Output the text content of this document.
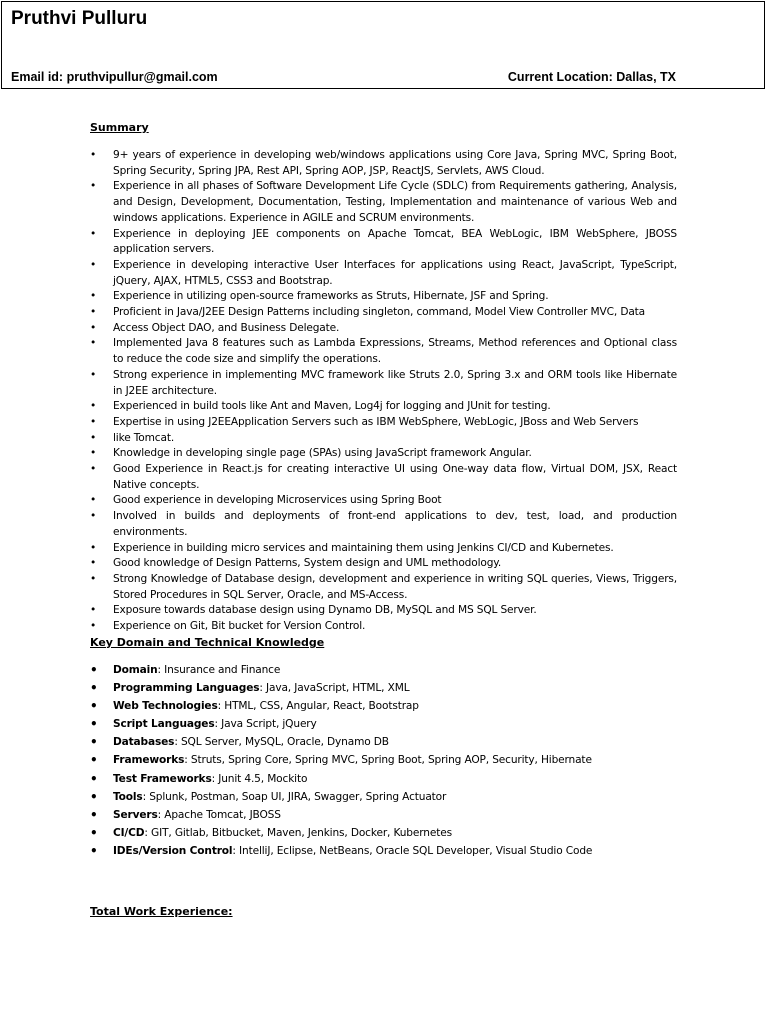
Pruthvi Pulluru
Email id: pruthvipullur@gmail.com	Current Location: Dallas, TX
Summary
• 9+ years of experience in developing web/windows applications using Core Java, Spring MVC, Spring Boot, Spring Security, Spring JPA, Rest API, Spring AOP, JSP, ReactJS, Servlets, AWS Cloud.
• Experience in all phases of Software Development Life Cycle (SDLC) from Requirements gathering, Analysis, and Design, Development, Documentation, Testing, Implementation and maintenance of various Web and windows applications. Experience in AGILE and SCRUM environments.
• Experience in deploying JEE components on Apache Tomcat, BEA WebLogic, IBM WebSphere, JBOSS application servers.
• Experience in developing interactive User Interfaces for applications using React, JavaScript, TypeScript, jQuery, AJAX, HTML5, CSS3 and Bootstrap.
• Experience in utilizing open-source frameworks as Struts, Hibernate, JSF and Spring.
• Proficient in Java/J2EE Design Patterns including singleton, command, Model View Controller MVC, Data
• Access Object DAO, and Business Delegate.
• Implemented Java 8 features such as Lambda Expressions, Streams, Method references and Optional class to reduce the code size and simplify the operations.
• Strong experience in implementing MVC framework like Struts 2.0, Spring 3.x and ORM tools like Hibernate in J2EE architecture.
• Experienced in build tools like Ant and Maven, Log4j for logging and JUnit for testing.
• Expertise in using J2EEApplication Servers such as IBM WebSphere, WebLogic, JBoss and Web Servers
• like Tomcat.
• Knowledge in developing single page (SPAs) using JavaScript framework Angular.
• Good Experience in React.js for creating interactive UI using One-way data flow, Virtual DOM, JSX, React Native concepts.
• Good experience in developing Microservices using Spring Boot
• Involved in builds and deployments of front-end applications to dev, test, load, and production environments.
• Experience in building micro services and maintaining them using Jenkins CI/CD and Kubernetes.
• Good knowledge of Design Patterns, System design and UML methodology.
• Strong Knowledge of Database design, development and experience in writing SQL queries, Views, Triggers, Stored Procedures in SQL Server, Oracle, and MS-Access.
• Exposure towards database design using Dynamo DB, MySQL and MS SQL Server.
• Experience on Git, Bit bucket for Version Control.
Key Domain and Technical Knowledge
• Domain: Insurance and Finance
• Programming Languages: Java, JavaScript, HTML, XML
• Web Technologies: HTML, CSS, Angular, React, Bootstrap
• Script Languages: Java Script, jQuery
• Databases: SQL Server, MySQL, Oracle, Dynamo DB
• Frameworks: Struts, Spring Core, Spring MVC, Spring Boot, Spring AOP, Security, Hibernate
• Test Frameworks: Junit 4.5, Mockito
• Tools: Splunk, Postman, Soap UI, JIRA, Swagger, Spring Actuator
• Servers: Apache Tomcat, JBOSS
• CI/CD: GIT, Gitlab, Bitbucket, Maven, Jenkins, Docker, Kubernetes
• IDEs/Version Control: IntelliJ, Eclipse, NetBeans, Oracle SQL Developer, Visual Studio Code
Total Work Experience:
